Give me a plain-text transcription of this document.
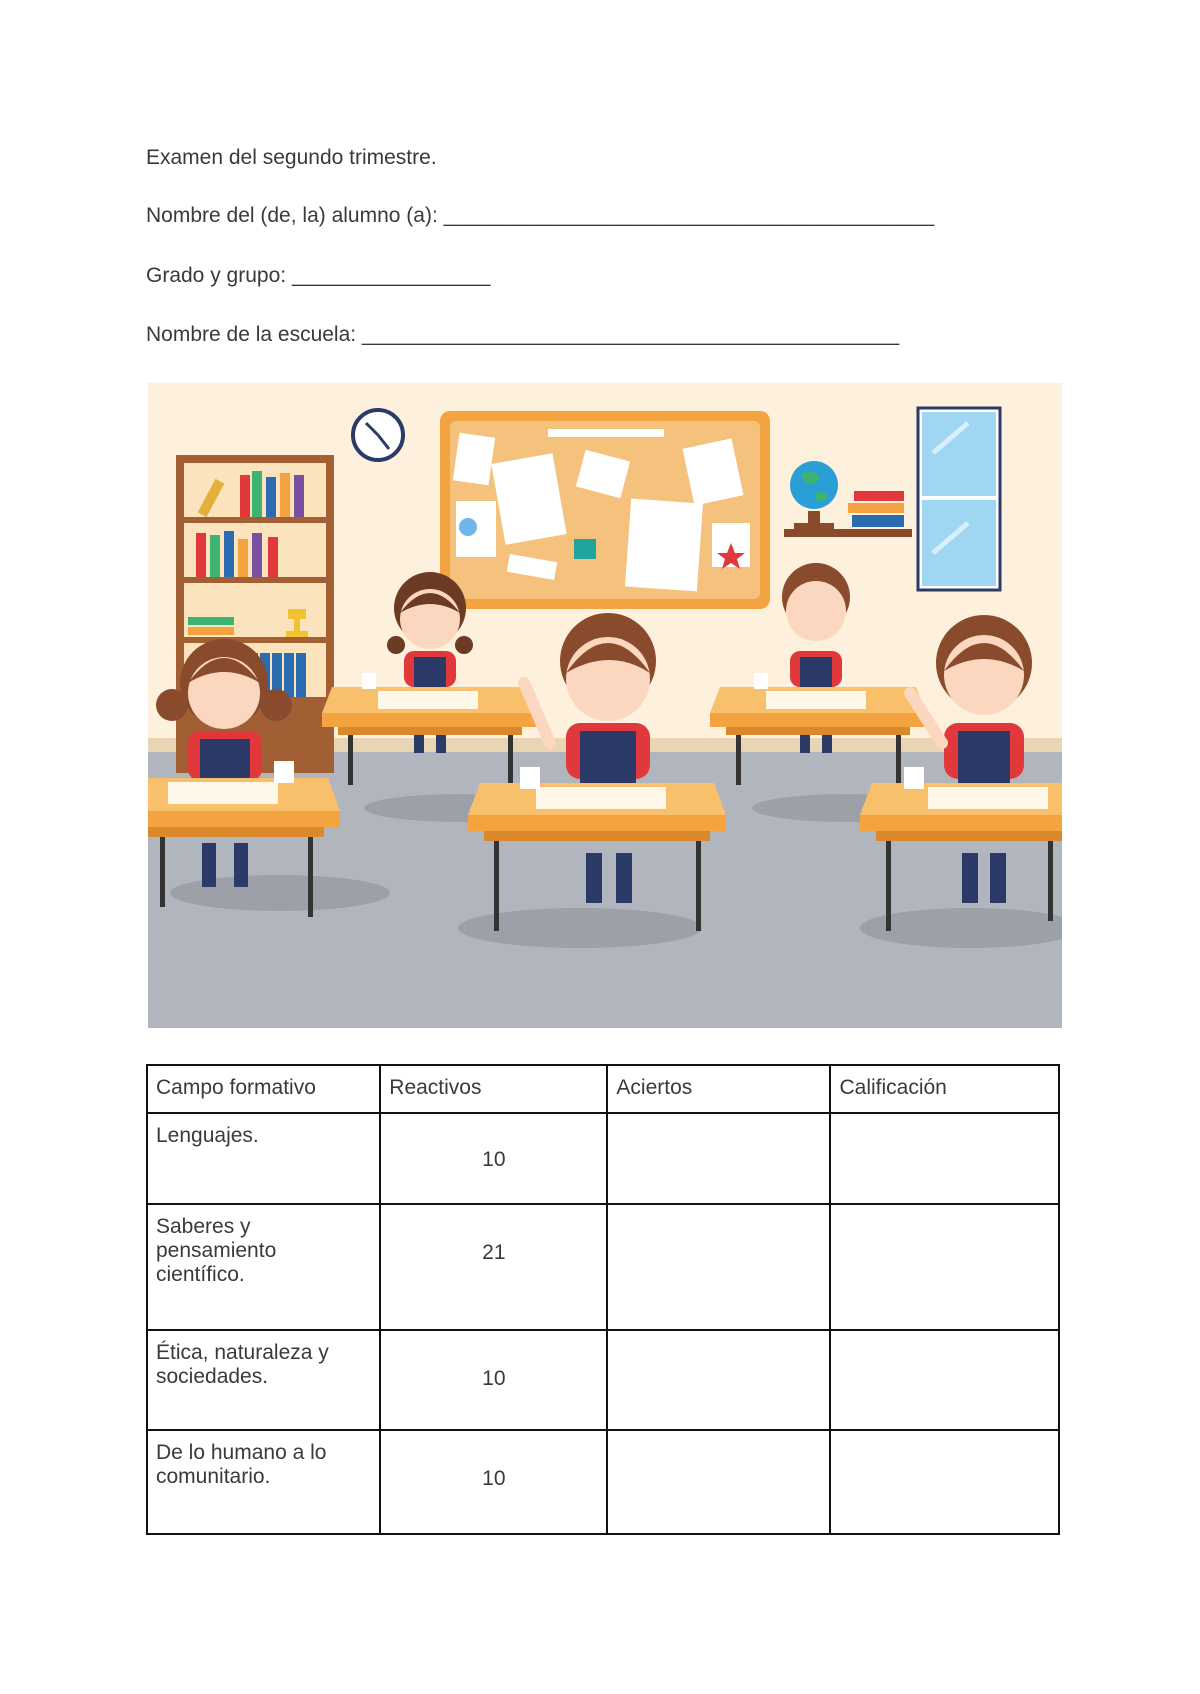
Examen del segundo trimestre.
Nombre del (de, la) alumno (a): __________________________________________
Grado y grupo: _________________
Nombre de la escuela: ______________________________________________
Campo formativo	Reactivos	Aciertos	Calificación
Lenguajes.	10		
Saberes y pensamiento científico.	21		
Ética, naturaleza y sociedades.	10		
De lo humano a lo comunitario.	10		
